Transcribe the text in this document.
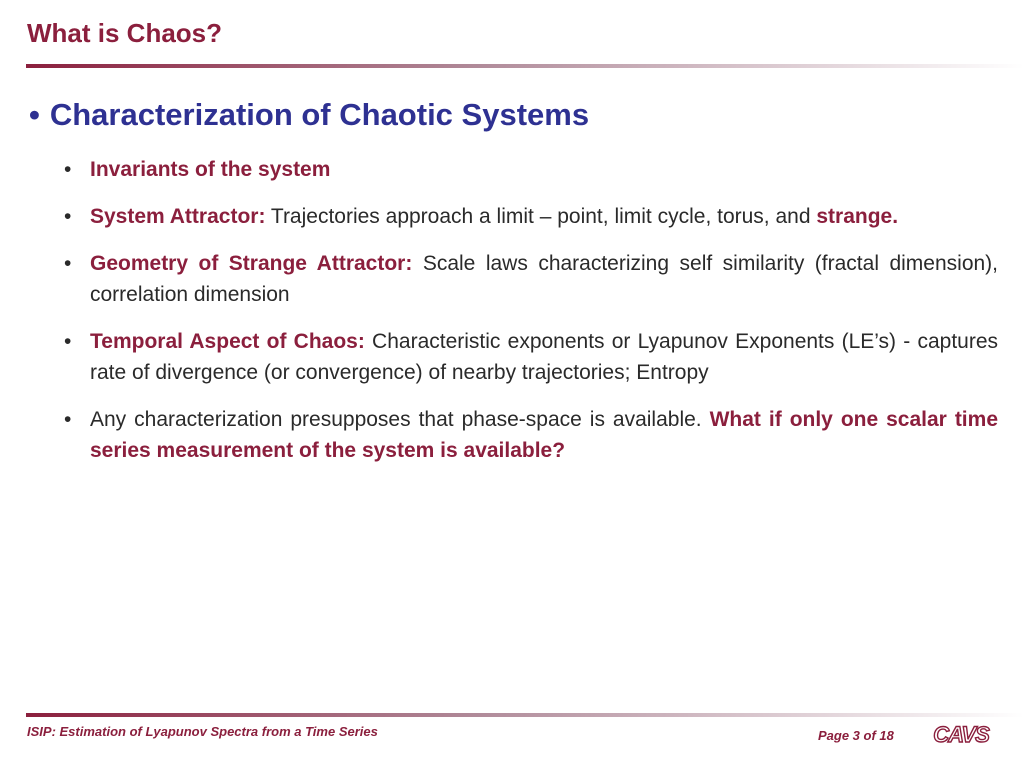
What is Chaos?
• Characterization of Chaotic Systems
• Invariants of the system
• System Attractor: Trajectories approach a limit – point, limit cycle, torus, and strange.
• Geometry of Strange Attractor: Scale laws characterizing self similarity (fractal dimension), correlation dimension
• Temporal Aspect of Chaos: Characteristic exponents or Lyapunov Exponents (LE’s) - captures rate of divergence (or convergence) of nearby trajectories; Entropy
• Any characterization presupposes that phase-space is available. What if only one scalar time series measurement of the system is available?
ISIP: Estimation of Lyapunov Spectra from a Time Series	Page 3 of 18 CAVS
